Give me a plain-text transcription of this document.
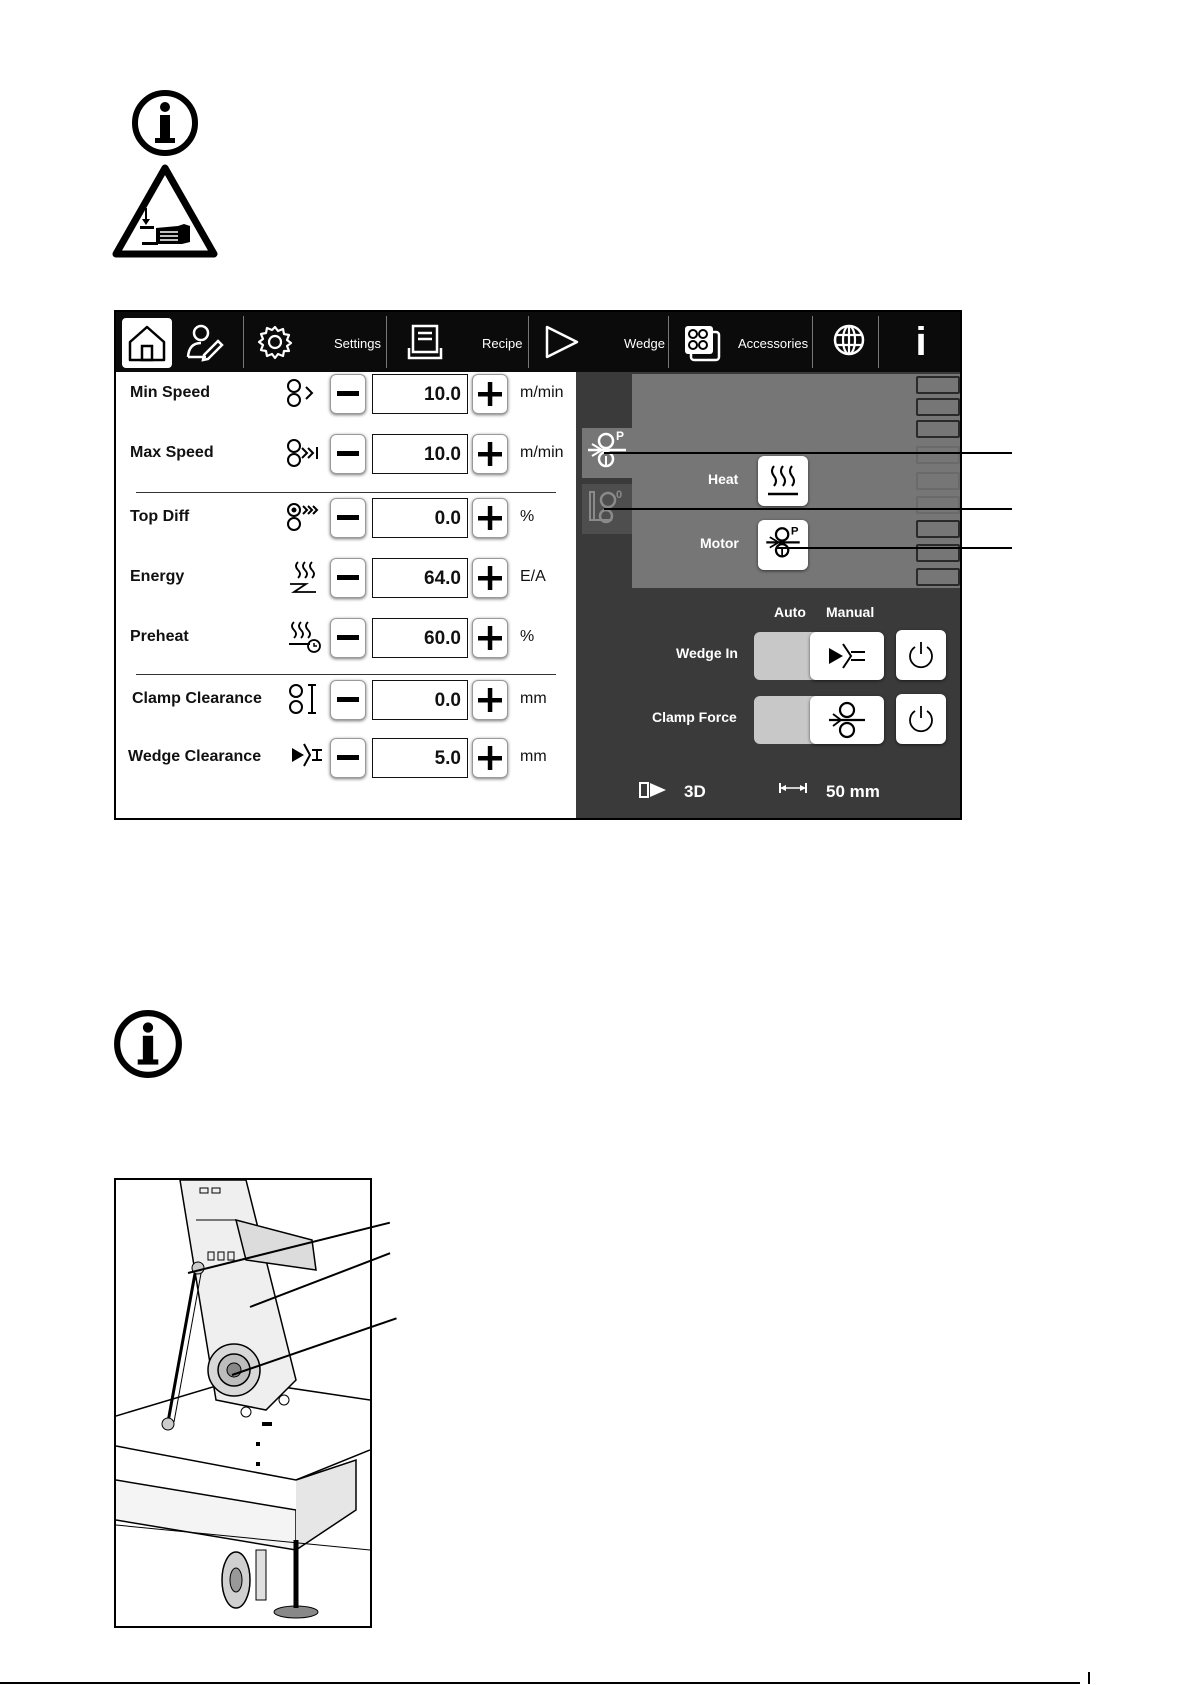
Settings	Recipe	Wedge	Accessories	i
Min Speed	10.0	m/min
Max Speed	10.0	m/min
Top Diff	0.0	%
Energy	64.0	E/A
Preheat	60.0	%
Clamp Clearance	0.0	mm
Wedge Clearance	5.0	mm
P
0
Heat
Motor
P
Auto Manual
Wedge In
Clamp Force
3D	50 mm
